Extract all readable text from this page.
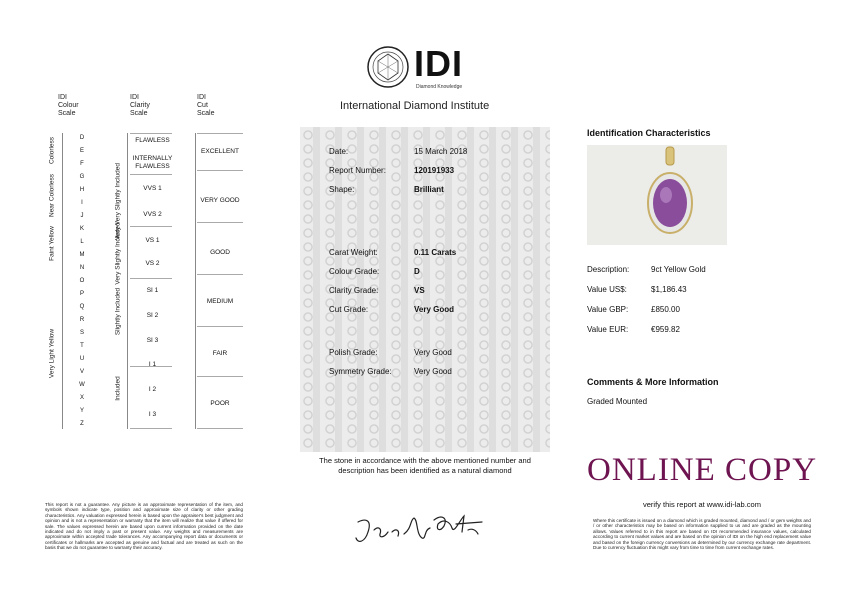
IDI
Diamond Knowledge
International Diamond Institute
IDI
Colour
Scale
IDI
Clarity
Scale
IDI
Cut
Scale
D
E
F
G
H
I
J
K
L
M
N
O
P
Q
R
S
T
U
V
W
X
Y
Z
Colorless
Near Colorless
Faint Yellow
Very Light Yellow
FLAWLESS
INTERNALLY FLAWLESS
VVS 1
VVS 2
VS 1
VS 2
SI 1
SI 2
SI 3
I 1
I 2
I 3
Very Very Slightly Included
Very Slightly Included
Slightly Included
Included
EXCELLENT
VERY GOOD
GOOD
MEDIUM
FAIR
POOR
Date:	15 March 2018
Report Number:	120191933
Shape:	Brilliant
Carat Weight:	0.11 Carats
Colour Grade:	D
Clarity Grade:	VS
Cut Grade:	Very Good
Polish Grade:	Very Good
Symmetry Grade:	Very Good
The stone in accordance with the above mentioned number and description has been identified as a natural diamond
Identification Characteristics
Description:	9ct Yellow Gold
Value US$:	$1,186.43
Value GBP:	£850.00
Value EUR:	€959.82
Comments & More Information
Graded Mounted
ONLINE COPY
verify this report at www.idi-lab.com
This report is not a guarantee. Any picture is an approximate representation of the item, and symbols shown indicate type, position and approximate size of clarity or other grading characteristics. Any valuation expressed herein is based upon the appraiser's best judgment and opinion and is not a representation or warranty that the item will realize that value if offered for sale. The values expressed herein are based upon current information provided on the date indicated and do not imply a past or present value. Any weights and measurements are approximate within accepted trade tolerances. Any accompanying report data or documents or certificates or hallmarks are accepted as genuine and factual and are treated as such on the basis that we do not guarantee to warranty their accuracy.
Where this certificate is issued on a diamond which is graded mounted, diamond and / or gem weights and / or other characteristics may be based on information supplied to us and are graded as the mounting allows. Values referred to in this report are based on IDI recommended insurance values, calculated according to current market values and are based on the opinion of IDI on the high end replacement value and based on the foreign currency conversions as determined by our currency exchange rate department. Due to currency fluctuation this might vary from time to time from current exchange rates.
